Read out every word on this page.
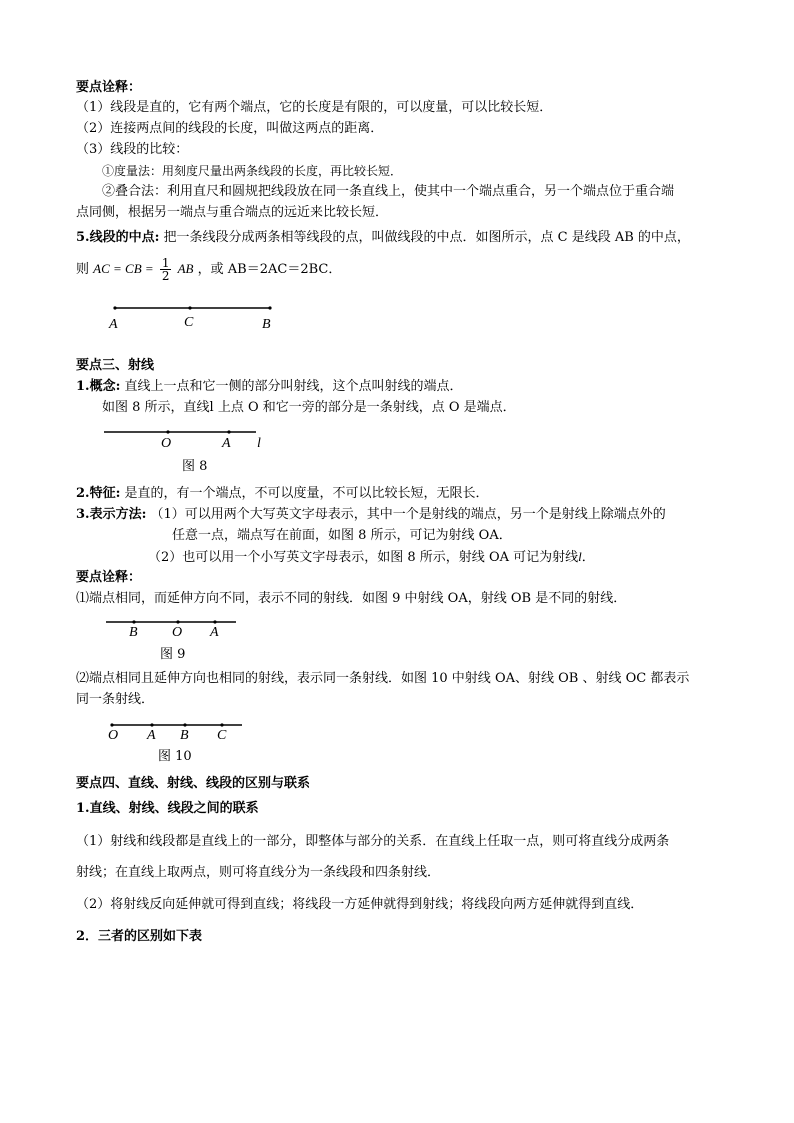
要点诠释：
（1）线段是直的，它有两个端点，它的长度是有限的，可以度量，可以比较长短．
（2）连接两点间的线段的长度，叫做这两点的距离．
（3）线段的比较：
①度量法：用刻度尺量出两条线段的长度，再比较长短．
②叠合法：利用直尺和圆规把线段放在同一条直线上，使其中一个端点重合，另一个端点位于重合端
点同侧，根据另一端点与重合端点的远近来比较长短．
5.线段的中点: 把一条线段分成两条相等线段的点，叫做线段的中点．如图所示，点 C 是线段 AB 的中点，
则 AC = CB = $\frac{1}{2}$ AB ，或 AB＝2AC＝2BC．
A	C	B
要点三、射线
1.概念: 直线上一点和它一侧的部分叫射线，这个点叫射线的端点．
如图 8 所示，直线l 上点 O 和它一旁的部分是一条射线，点 O 是端点．
O	A l
图 8
2.特征: 是直的，有一个端点，不可以度量，不可以比较长短，无限长．
3.表示方法: （1）可以用两个大写英文字母表示，其中一个是射线的端点，另一个是射线上除端点外的
任意一点，端点写在前面，如图 8 所示，可记为射线 OA．
（2）也可以用一个小写英文字母表示，如图 8 所示，射线 OA 可记为射线l．
要点诠释：
⑴端点相同，而延伸方向不同，表示不同的射线．如图 9 中射线 OA，射线 OB 是不同的射线．
B O A
图 9
⑵端点相同且延伸方向也相同的射线，表示同一条射线．如图 10 中射线 OA、射线 OB 、射线 OC 都表示
同一条射线．
O A B C
图 10
要点四、直线、射线、线段的区别与联系
1.直线、射线、线段之间的联系
（1）射线和线段都是直线上的一部分，即整体与部分的关系．在直线上任取一点，则可将直线分成两条
射线；在直线上取两点，则可将直线分为一条线段和四条射线．
（2）将射线反向延伸就可得到直线；将线段一方延伸就得到射线；将线段向两方延伸就得到直线．
2．三者的区别如下表
